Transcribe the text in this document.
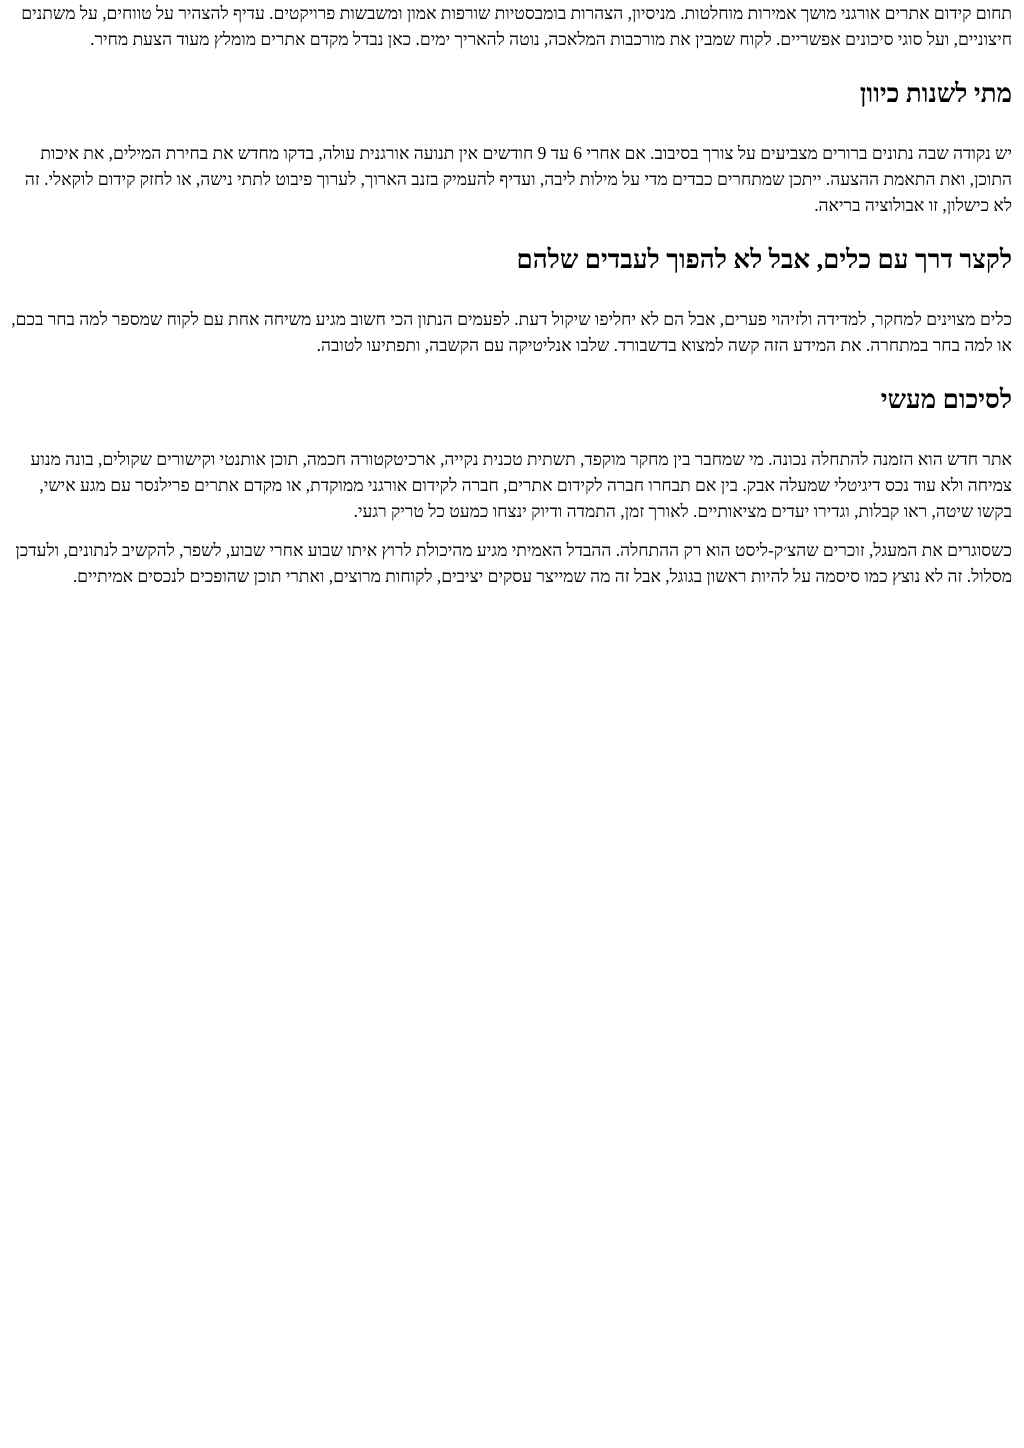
תחום קידום אתרים אורגני מושך אמירות מוחלטות. מניסיון, הצהרות בומבסטיות שורפות אמון ומשבשות פרויקטים. עדיף להצהיר על טווחים, על משתנים חיצוניים, ועל סוגי סיכונים אפשריים. לקוח שמבין את מורכבות המלאכה, נוטה להאריך ימים. כאן נבדל מקדם אתרים מומלץ מעוד הצעת מחיר.

מתי לשנות כיוון

יש נקודה שבה נתונים ברורים מצביעים על צורך בסיבוב. אם אחרי 6 עד 9 חודשים אין תנועה אורגנית עולה, בדקו מחדש את בחירת המילים, את איכות התוכן, ואת התאמת ההצעה. ייתכן שמתחרים כבדים מדי על מילות ליבה, ועדיף להעמיק בזנב הארוך, לערוך פיבוט לתתי נישה, או לחזק קידום לוקאלי. זה לא כישלון, זו אבולוציה בריאה.

לקצר דרך עם כלים, אבל לא להפוך לעבדים שלהם

כלים מצוינים למחקר, למדידה ולזיהוי פערים, אבל הם לא יחליפו שיקול דעת. לפעמים הנתון הכי חשוב מגיע משיחה אחת עם לקוח שמספר למה בחר בכם, או למה בחר במתחרה. את המידע הזה קשה למצוא בדשבורד. שלבו אנליטיקה עם הקשבה, ותפתיעו לטובה.

לסיכום מעשי

אתר חדש הוא הזמנה להתחלה נכונה. מי שמחבר בין מחקר מוקפד, תשתית טכנית נקייה, ארכיטקטורה חכמה, תוכן אותנטי וקישורים שקולים, בונה מנוע צמיחה ולא עוד נכס דיגיטלי שמעלה אבק. בין אם תבחרו חברה לקידום אתרים, חברה לקידום אורגני ממוקדת, או מקדם אתרים פרילנסר עם מגע אישי, בקשו שיטה, ראו קבלות, וגדירו יעדים מציאותיים. לאורך זמן, התמדה ודיוק ינצחו כמעט כל טריק רגעי.

כשסוגרים את המעגל, זוכרים שהצ׳ק-ליסט הוא רק ההתחלה. ההבדל האמיתי מגיע מהיכולת לרוץ איתו שבוע אחרי שבוע, לשפר, להקשיב לנתונים, ולעדכן מסלול. זה לא נוצץ כמו סיסמה על להיות ראשון בגוגל, אבל זה מה שמייצר עסקים יציבים, לקוחות מרוצים, ואתרי תוכן שהופכים לנכסים אמיתיים.
